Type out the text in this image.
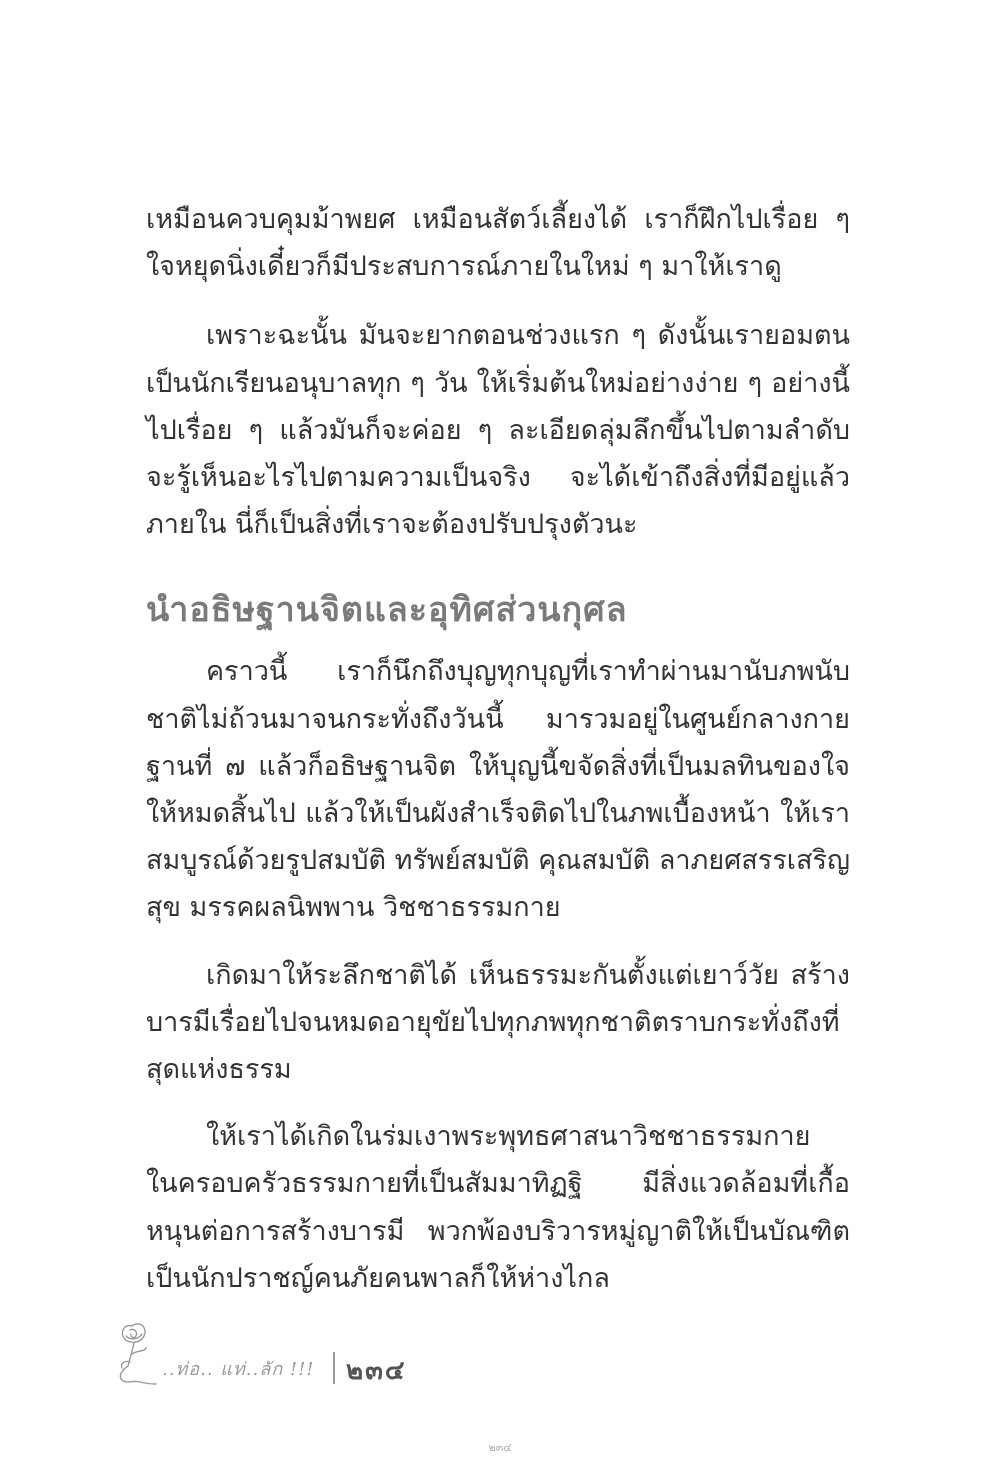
เหมือนควบคุมม้าพยศ เหมือนสัตว์เลี้ยงได้ เราก็ฝึกไปเรื่อย ๆ ใจหยุดนิ่งเดี๋ยวก็มีประสบการณ์ภายในใหม่ ๆ มาให้เราดู

เพราะฉะนั้น มันจะยากตอนช่วงแรก ๆ ดังนั้นเรายอมตนเป็นนักเรียนอนุบาลทุก ๆ วัน ให้เริ่มต้นใหม่อย่างง่าย ๆ อย่างนี้ไปเรื่อย ๆ แล้วมันก็จะค่อย ๆ ละเอียดลุ่มลึกขึ้นไปตามลำดับ จะรู้เห็นอะไรไปตามความเป็นจริง จะได้เข้าถึงสิ่งที่มีอยู่แล้วภายใน นี่ก็เป็นสิ่งที่เราจะต้องปรับปรุงตัวนะ

นำอธิษฐานจิตและอุทิศส่วนกุศล

คราวนี้ เราก็นึกถึงบุญทุกบุญที่เราทำผ่านมานับภพนับชาติไม่ถ้วนมาจนกระทั่งถึงวันนี้ มารวมอยู่ในศูนย์กลางกายฐานที่ ๗ แล้วก็อธิษฐานจิต ให้บุญนี้ขจัดสิ่งที่เป็นมลทินของใจให้หมดสิ้นไป แล้วให้เป็นผังสำเร็จติดไปในภพเบื้องหน้า ให้เราสมบูรณ์ด้วยรูปสมบัติ ทรัพย์สมบัติ คุณสมบัติ ลาภยศสรรเสริญสุข มรรคผลนิพพาน วิชชาธรรมกาย

เกิดมาให้ระลึกชาติได้ เห็นธรรมะกันตั้งแต่เยาว์วัย สร้างบารมีเรื่อยไปจนหมดอายุขัยไปทุกภพทุกชาติตราบกระทั่งถึงที่สุดแห่งธรรม

ให้เราได้เกิดในร่มเงาพระพุทธศาสนาวิชชาธรรมกาย ในครอบครัวธรรมกายที่เป็นสัมมาทิฏฐิ มีสิ่งแวดล้อมที่เกื้อหนุนต่อการสร้างบารมี พวกพ้องบริวารหมู่ญาติให้เป็นบัณฑิต เป็นนักปราชญ์คนภัยคนพาลก็ให้ห่างไกล

..ท่อ.. แท่..ลัก !!! ๒๓๔
๒๓๔
